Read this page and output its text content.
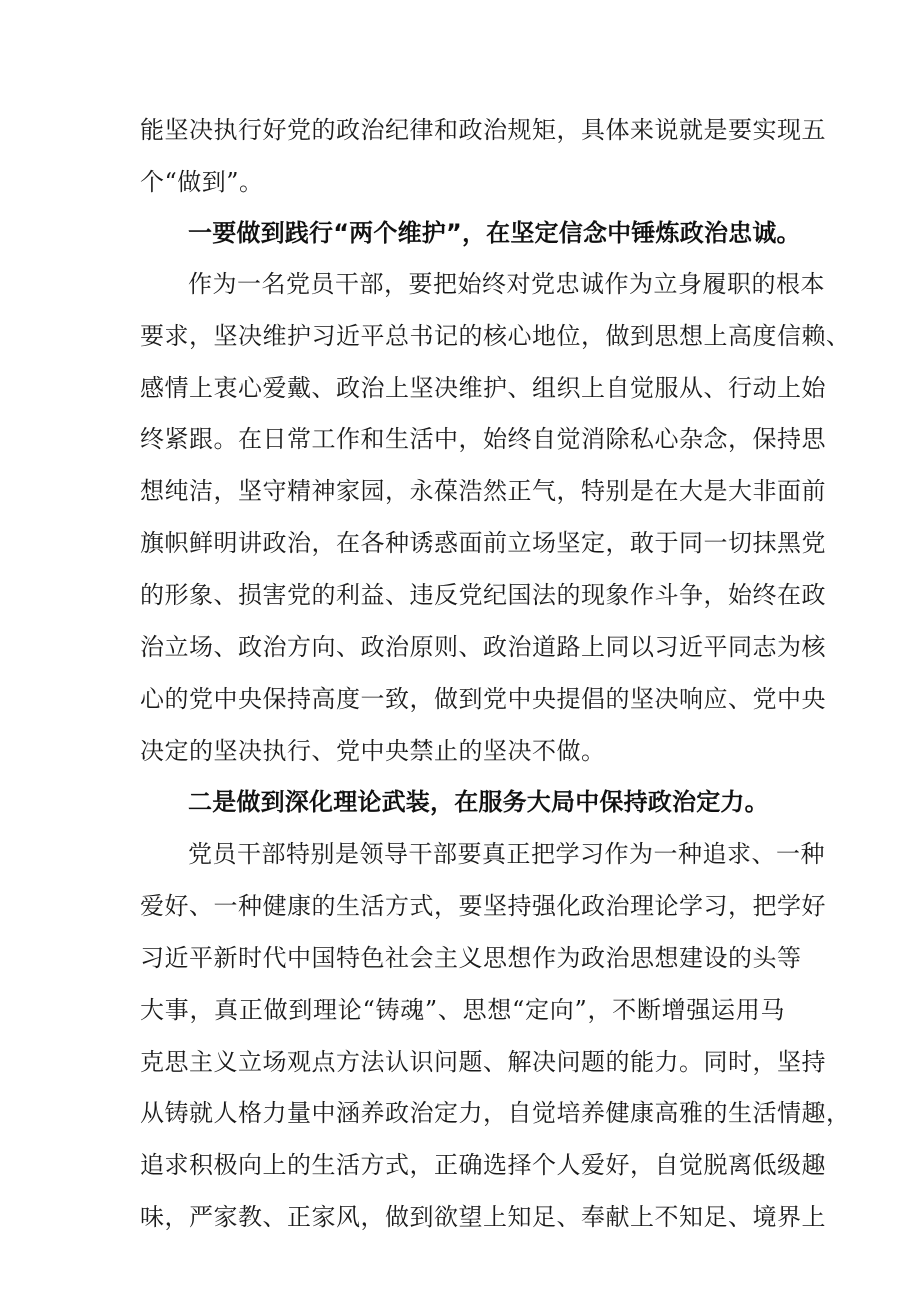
能坚决执行好党的政治纪律和政治规矩，具体来说就是要实现五
个“做到”。
一要做到践行“两个维护”，在坚定信念中锤炼政治忠诚。
作为一名党员干部，要把始终对党忠诚作为立身履职的根本
要求，坚决维护习近平总书记的核心地位，做到思想上高度信赖、
感情上衷心爱戴、政治上坚决维护、组织上自觉服从、行动上始
终紧跟。在日常工作和生活中，始终自觉消除私心杂念，保持思
想纯洁，坚守精神家园，永葆浩然正气，特别是在大是大非面前
旗帜鲜明讲政治，在各种诱惑面前立场坚定，敢于同一切抹黑党
的形象、损害党的利益、违反党纪国法的现象作斗争，始终在政
治立场、政治方向、政治原则、政治道路上同以习近平同志为核
心的党中央保持高度一致，做到党中央提倡的坚决响应、党中央
决定的坚决执行、党中央禁止的坚决不做。
二是做到深化理论武装，在服务大局中保持政治定力。
党员干部特别是领导干部要真正把学习作为一种追求、一种
爱好、一种健康的生活方式，要坚持强化政治理论学习，把学好
习近平新时代中国特色社会主义思想作为政治思想建设的头等
大事，真正做到理论“铸魂”、思想“定向”，不断增强运用马
克思主义立场观点方法认识问题、解决问题的能力。同时，坚持
从铸就人格力量中涵养政治定力，自觉培养健康高雅的生活情趣，
追求积极向上的生活方式，正确选择个人爱好，自觉脱离低级趣
味，严家教、正家风，做到欲望上知足、奉献上不知足、境界上
